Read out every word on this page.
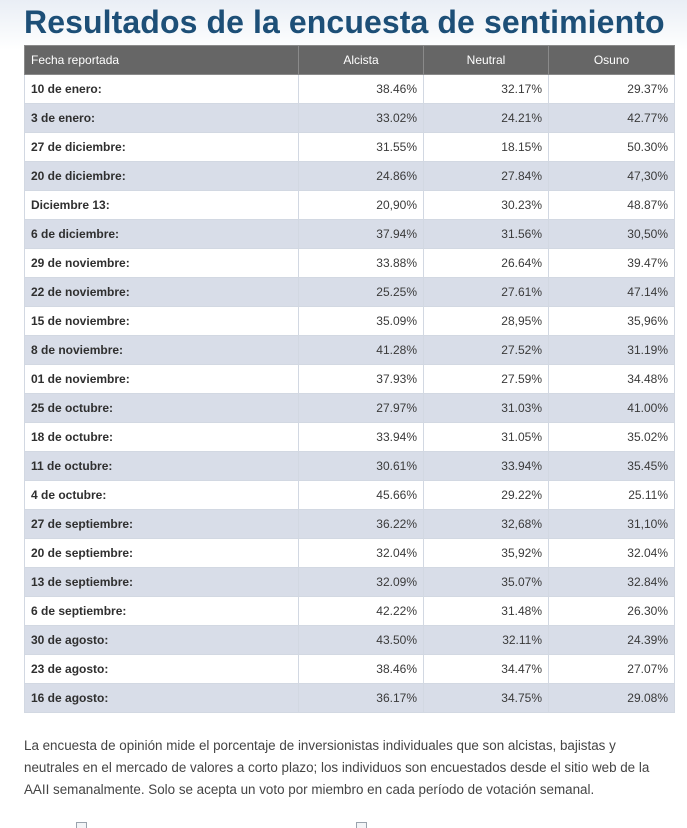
Resultados de la encuesta de sentimiento
Fecha reportada	Alcista	Neutral	Osuno
10 de enero:	38.46%	32.17%	29.37%
3 de enero:	33.02%	24.21%	42.77%
27 de diciembre:	31.55%	18.15%	50.30%
20 de diciembre:	24.86%	27.84%	47,30%
Diciembre 13:	20,90%	30.23%	48.87%
6 de diciembre:	37.94%	31.56%	30,50%
29 de noviembre:	33.88%	26.64%	39.47%
22 de noviembre:	25.25%	27.61%	47.14%
15 de noviembre:	35.09%	28,95%	35,96%
8 de noviembre:	41.28%	27.52%	31.19%
01 de noviembre:	37.93%	27.59%	34.48%
25 de octubre:	27.97%	31.03%	41.00%
18 de octubre:	33.94%	31.05%	35.02%
11 de octubre:	30.61%	33.94%	35.45%
4 de octubre:	45.66%	29.22%	25.11%
27 de septiembre:	36.22%	32,68%	31,10%
20 de septiembre:	32.04%	35,92%	32.04%
13 de septiembre:	32.09%	35.07%	32.84%
6 de septiembre:	42.22%	31.48%	26.30%
30 de agosto:	43.50%	32.11%	24.39%
23 de agosto:	38.46%	34.47%	27.07%
16 de agosto:	36.17%	34.75%	29.08%

La encuesta de opinión mide el porcentaje de inversionistas individuales que son alcistas, bajistas y neutrales en el mercado de valores a corto plazo; los individuos son encuestados desde el sitio web de la AAII semanalmente. Solo se acepta un voto por miembro en cada período de votación semanal.
